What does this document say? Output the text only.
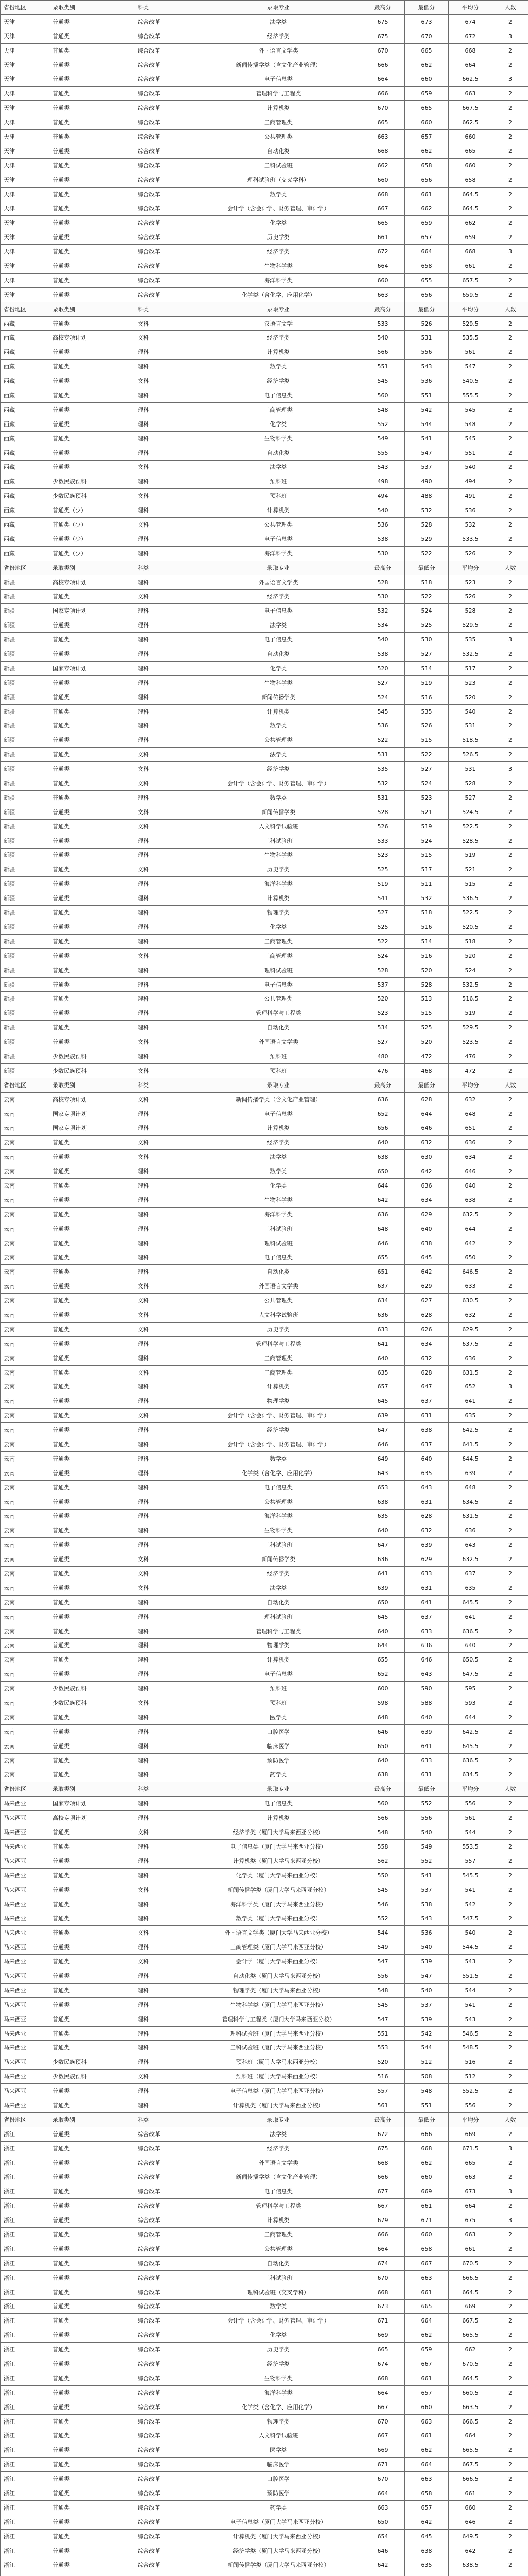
省份地区	录取类别	科类	录取专业	最高分	最低分	平均分	人数
天津	普通类	综合改革	法学类	675	673	674	2
天津	普通类	综合改革	经济学类	675	670	672	3
天津	普通类	综合改革	外国语言文学类	670	665	668	2
天津	普通类	综合改革	新闻传播学类（含文化产业管理）	666	662	664	2
天津	普通类	综合改革	电子信息类	664	660	662.5	3
天津	普通类	综合改革	管理科学与工程类	666	659	663	2
天津	普通类	综合改革	计算机类	670	665	667.5	2
天津	普通类	综合改革	工商管理类	665	660	662.5	2
天津	普通类	综合改革	公共管理类	663	657	660	2
天津	普通类	综合改革	自动化类	668	662	665	2
天津	普通类	综合改革	工科试验班	662	658	660	2
天津	普通类	综合改革	理科试验班（交叉学科）	660	656	658	2
天津	普通类	综合改革	数学类	668	661	664.5	2
天津	普通类	综合改革	会计学（含会计学、财务管理、审计学）	667	662	664.5	2
天津	普通类	综合改革	化学类	665	659	662	2
天津	普通类	综合改革	历史学类	661	657	659	2
天津	普通类	综合改革	经济学类	672	664	668	3
天津	普通类	综合改革	生物科学类	664	658	661	2
天津	普通类	综合改革	海洋科学类	660	655	657.5	2
天津	普通类	综合改革	化学类（含化学、应用化学）	663	656	659.5	2
省份地区	录取类别	科类	录取专业	最高分	最低分	平均分	人数
西藏	普通类	文科	汉语言文学	533	526	529.5	2
西藏	高校专项计划	文科	经济学类	540	531	535.5	2
西藏	普通类	理科	计算机类	566	556	561	2
西藏	普通类	理科	数学类	551	543	547	2
西藏	普通类	文科	经济学类	545	536	540.5	2
西藏	普通类	理科	电子信息类	560	551	555.5	2
西藏	普通类	理科	工商管理类	548	542	545	2
西藏	普通类	理科	化学类	552	544	548	2
西藏	普通类	理科	生物科学类	549	541	545	2
西藏	普通类	理科	自动化类	555	547	551	2
西藏	普通类	文科	法学类	543	537	540	2
西藏	少数民族预科	理科	预科班	498	490	494	2
西藏	少数民族预科	文科	预科班	494	488	491	2
西藏	普通类（少）	理科	计算机类	540	532	536	2
西藏	普通类（少）	文科	公共管理类	536	528	532	2
西藏	普通类（少）	理科	电子信息类	538	529	533.5	2
西藏	普通类（少）	理科	海洋科学类	530	522	526	2
省份地区	录取类别	科类	录取专业	最高分	最低分	平均分	人数
新疆	高校专项计划	理科	外国语言文学类	528	518	523	2
新疆	普通类	文科	经济学类	530	522	526	2
新疆	国家专项计划	理科	电子信息类	532	524	528	2
新疆	普通类	理科	法学类	534	525	529.5	2
新疆	普通类	理科	电子信息类	540	530	535	3
新疆	普通类	理科	自动化类	538	527	532.5	2
新疆	国家专项计划	理科	化学类	520	514	517	2
新疆	普通类	理科	生物科学类	527	519	523	2
新疆	普通类	理科	新闻传播学类	524	516	520	2
新疆	普通类	理科	计算机类	545	535	540	2
新疆	普通类	理科	数学类	536	526	531	2
新疆	普通类	理科	公共管理类	522	515	518.5	2
新疆	普通类	文科	法学类	531	522	526.5	2
新疆	普通类	文科	经济学类	535	527	531	3
新疆	普通类	文科	会计学（含会计学、财务管理、审计学）	532	524	528	2
新疆	普通类	理科	数学类	531	523	527	2
新疆	普通类	文科	新闻传播学类	528	521	524.5	2
新疆	普通类	文科	人文科学试验班	526	519	522.5	2
新疆	普通类	理科	工科试验班	533	524	528.5	2
新疆	普通类	理科	生物科学类	523	515	519	2
新疆	普通类	文科	历史学类	525	517	521	2
新疆	普通类	理科	海洋科学类	519	511	515	2
新疆	普通类	理科	计算机类	541	532	536.5	2
新疆	普通类	理科	物理学类	527	518	522.5	2
新疆	普通类	理科	化学类	525	516	520.5	2
新疆	普通类	理科	工商管理类	522	514	518	2
新疆	普通类	文科	工商管理类	524	516	520	2
新疆	普通类	理科	理科试验班	528	520	524	2
新疆	普通类	理科	电子信息类	537	528	532.5	2
新疆	普通类	理科	公共管理类	520	513	516.5	2
新疆	普通类	理科	管理科学与工程类	523	515	519	2
新疆	普通类	理科	自动化类	534	525	529.5	2
新疆	普通类	文科	外国语言文学类	527	520	523.5	2
新疆	少数民族预科	理科	预科班	480	472	476	2
新疆	少数民族预科	文科	预科班	476	468	472	2
省份地区	录取类别	科类	录取专业	最高分	最低分	平均分	人数
云南	高校专项计划	文科	新闻传播学类（含文化产业管理）	636	628	632	2
云南	国家专项计划	理科	电子信息类	652	644	648	2
云南	国家专项计划	理科	计算机类	656	646	651	2
云南	普通类	文科	经济学类	640	632	636	2
云南	普通类	文科	法学类	638	630	634	2
云南	普通类	理科	数学类	650	642	646	2
云南	普通类	理科	化学类	644	636	640	2
云南	普通类	理科	生物科学类	642	634	638	2
云南	普通类	理科	海洋科学类	636	629	632.5	2
云南	普通类	理科	工科试验班	648	640	644	2
云南	普通类	理科	理科试验班	646	638	642	2
云南	普通类	理科	电子信息类	655	645	650	2
云南	普通类	理科	自动化类	651	642	646.5	2
云南	普通类	文科	外国语言文学类	637	629	633	2
云南	普通类	文科	公共管理类	634	627	630.5	2
云南	普通类	文科	人文科学试验班	636	628	632	2
云南	普通类	文科	历史学类	633	626	629.5	2
云南	普通类	理科	管理科学与工程类	641	634	637.5	2
云南	普通类	理科	工商管理类	640	632	636	2
云南	普通类	文科	工商管理类	635	628	631.5	2
云南	普通类	理科	计算机类	657	647	652	3
云南	普通类	理科	物理学类	645	637	641	2
云南	普通类	文科	会计学（含会计学、财务管理、审计学）	639	631	635	2
云南	普通类	理科	经济学类	647	638	642.5	2
云南	普通类	理科	会计学（含会计学、财务管理、审计学）	646	637	641.5	2
云南	普通类	理科	数学类	649	640	644.5	2
云南	普通类	理科	化学类（含化学、应用化学）	643	635	639	2
云南	普通类	理科	电子信息类	653	643	648	2
云南	普通类	理科	公共管理类	638	631	634.5	2
云南	普通类	理科	海洋科学类	635	628	631.5	2
云南	普通类	理科	生物科学类	640	632	636	2
云南	普通类	理科	工科试验班	647	639	643	2
云南	普通类	文科	新闻传播学类	636	629	632.5	2
云南	普通类	文科	经济学类	641	633	637	2
云南	普通类	文科	法学类	639	631	635	2
云南	普通类	理科	自动化类	650	641	645.5	2
云南	普通类	理科	理科试验班	645	637	641	2
云南	普通类	理科	管理科学与工程类	640	633	636.5	2
云南	普通类	理科	物理学类	644	636	640	2
云南	普通类	理科	计算机类	655	646	650.5	2
云南	普通类	理科	电子信息类	652	643	647.5	2
云南	少数民族预科	理科	预科班	600	590	595	2
云南	少数民族预科	文科	预科班	598	588	593	2
云南	普通类	理科	医学类	648	640	644	2
云南	普通类	理科	口腔医学	646	639	642.5	2
云南	普通类	理科	临床医学	650	641	645.5	2
云南	普通类	理科	预防医学	640	633	636.5	2
云南	普通类	理科	药学类	638	631	634.5	2
省份地区	录取类别	科类	录取专业	最高分	最低分	平均分	人数
马来西亚	国家专项计划	理科	电子信息类	560	552	556	2
马来西亚	高校专项计划	理科	计算机类	566	556	561	2
马来西亚	普通类	文科	经济学类（厦门大学马来西亚分校）	548	540	544	2
马来西亚	普通类	理科	电子信息类（厦门大学马来西亚分校）	558	549	553.5	2
马来西亚	普通类	理科	计算机类（厦门大学马来西亚分校）	562	552	557	2
马来西亚	普通类	理科	化学类（厦门大学马来西亚分校）	550	541	545.5	2
马来西亚	普通类	文科	新闻传播学类（厦门大学马来西亚分校）	545	537	541	2
马来西亚	普通类	理科	海洋科学类（厦门大学马来西亚分校）	546	538	542	2
马来西亚	普通类	理科	数学类（厦门大学马来西亚分校）	552	543	547.5	2
马来西亚	普通类	文科	外国语言文学类（厦门大学马来西亚分校）	544	536	540	2
马来西亚	普通类	理科	工商管理类（厦门大学马来西亚分校）	549	540	544.5	2
马来西亚	普通类	文科	会计学（厦门大学马来西亚分校）	547	539	543	2
马来西亚	普通类	理科	自动化类（厦门大学马来西亚分校）	556	547	551.5	2
马来西亚	普通类	理科	物理学类（厦门大学马来西亚分校）	548	540	544	2
马来西亚	普通类	理科	生物科学类（厦门大学马来西亚分校）	545	537	541	2
马来西亚	普通类	理科	管理科学与工程类（厦门大学马来西亚分校）	547	539	543	2
马来西亚	普通类	理科	理科试验班（厦门大学马来西亚分校）	551	542	546.5	2
马来西亚	普通类	理科	工科试验班（厦门大学马来西亚分校）	553	544	548.5	2
马来西亚	少数民族预科	理科	预科班（厦门大学马来西亚分校）	520	512	516	2
马来西亚	少数民族预科	文科	预科班（厦门大学马来西亚分校）	516	508	512	2
马来西亚	普通类	理科	电子信息类（厦门大学马来西亚分校）	557	548	552.5	2
马来西亚	普通类	理科	计算机类（厦门大学马来西亚分校）	561	551	556	2
省份地区	录取类别	科类	录取专业	最高分	最低分	平均分	人数
浙江	普通类	综合改革	法学类	672	666	669	2
浙江	普通类	综合改革	经济学类	675	668	671.5	3
浙江	普通类	综合改革	外国语言文学类	668	662	665	2
浙江	普通类	综合改革	新闻传播学类（含文化产业管理）	666	660	663	2
浙江	普通类	综合改革	电子信息类	677	669	673	3
浙江	普通类	综合改革	管理科学与工程类	667	661	664	2
浙江	普通类	综合改革	计算机类	679	671	675	3
浙江	普通类	综合改革	工商管理类	666	660	663	2
浙江	普通类	综合改革	公共管理类	664	658	661	2
浙江	普通类	综合改革	自动化类	674	667	670.5	2
浙江	普通类	综合改革	工科试验班	670	663	666.5	2
浙江	普通类	综合改革	理科试验班（交叉学科）	668	661	664.5	2
浙江	普通类	综合改革	数学类	673	665	669	2
浙江	普通类	综合改革	会计学（含会计学、财务管理、审计学）	671	664	667.5	2
浙江	普通类	综合改革	化学类	669	662	665.5	2
浙江	普通类	综合改革	历史学类	665	659	662	2
浙江	普通类	综合改革	经济学类	674	667	670.5	2
浙江	普通类	综合改革	生物科学类	668	661	664.5	2
浙江	普通类	综合改革	海洋科学类	664	657	660.5	2
浙江	普通类	综合改革	化学类（含化学、应用化学）	667	660	663.5	2
浙江	普通类	综合改革	物理学类	670	663	666.5	2
浙江	普通类	综合改革	人文科学试验班	667	661	664	2
浙江	普通类	综合改革	医学类	669	662	665.5	2
浙江	普通类	综合改革	临床医学	671	664	667.5	2
浙江	普通类	综合改革	口腔医学	670	663	666.5	2
浙江	普通类	综合改革	预防医学	664	658	661	2
浙江	普通类	综合改革	药学类	663	657	660	2
浙江	普通类	综合改革	电子信息类（厦门大学马来西亚分校）	650	642	646	2
浙江	普通类	综合改革	计算机类（厦门大学马来西亚分校）	654	645	649.5	2
浙江	普通类	综合改革	经济学类（厦门大学马来西亚分校）	646	638	642	2
浙江	普通类	综合改革	新闻传播学类（厦门大学马来西亚分校）	642	635	638.5	2
